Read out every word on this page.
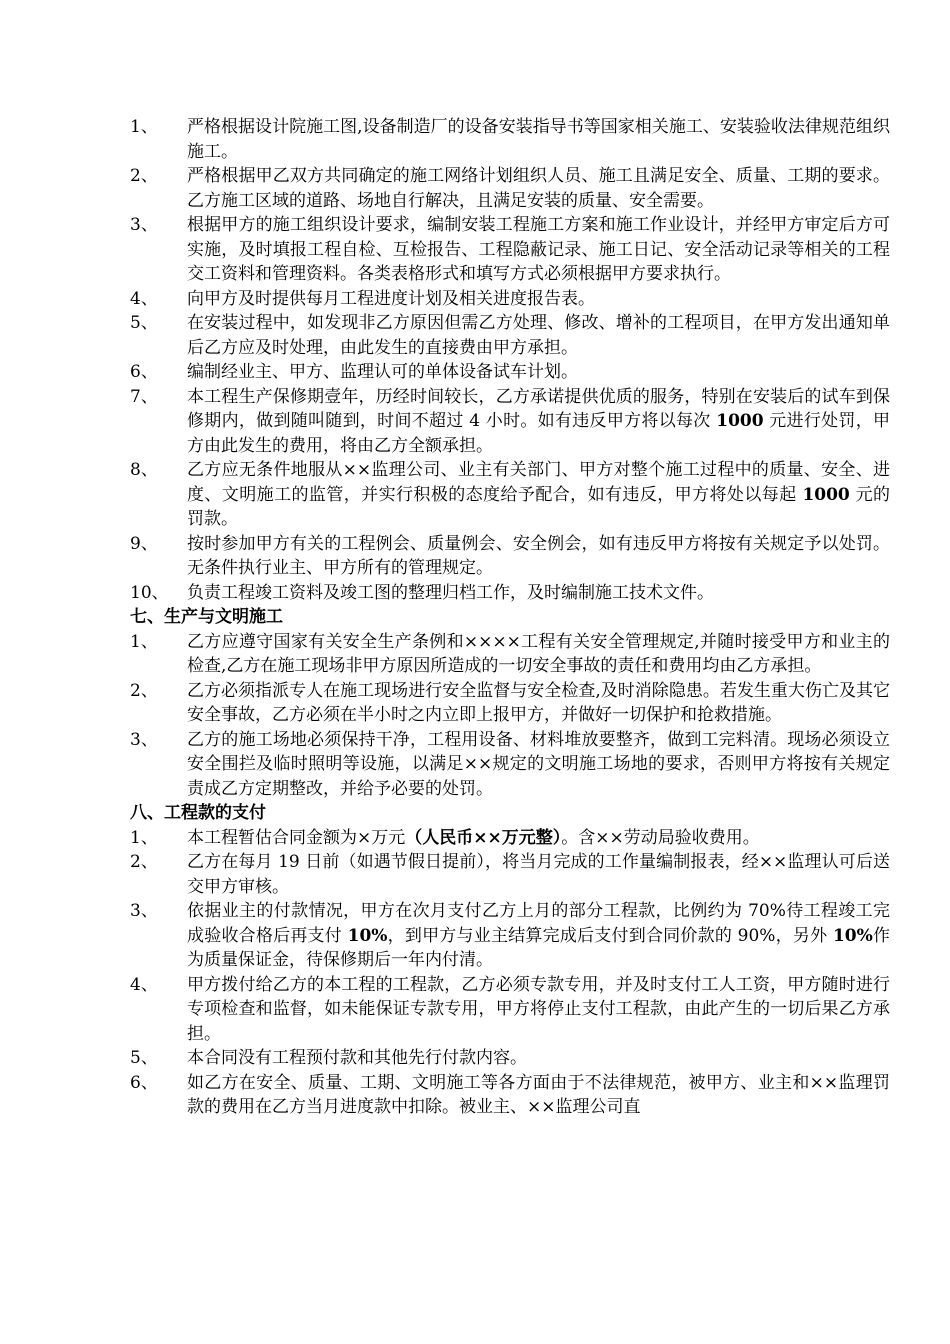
1、	严格根据设计院施工图,设备制造厂的设备安装指导书等国家相关施工、安装验收法律规范组织施工。
2、	严格根据甲乙双方共同确定的施工网络计划组织人员、施工且满足安全、质量、工期的要求。乙方施工区域的道路、场地自行解决，且满足安装的质量、安全需要。
3、	根据甲方的施工组织设计要求，编制安装工程施工方案和施工作业设计，并经甲方审定后方可实施，及时填报工程自检、互检报告、工程隐蔽记录、施工日记、安全活动记录等相关的工程交工资料和管理资料。各类表格形式和填写方式必须根据甲方要求执行。
4、	向甲方及时提供每月工程进度计划及相关进度报告表。
5、	在安装过程中，如发现非乙方原因但需乙方处理、修改、增补的工程项目，在甲方发出通知单后乙方应及时处理，由此发生的直接费由甲方承担。
6、	编制经业主、甲方、监理认可的单体设备试车计划。
7、	本工程生产保修期壹年，历经时间较长，乙方承诺提供优质的服务，特别在安装后的试车到保修期内，做到随叫随到，时间不超过 4 小时。如有违反甲方将以每次 1000 元进行处罚，甲方由此发生的费用，将由乙方全额承担。
8、	乙方应无条件地服从××监理公司、业主有关部门、甲方对整个施工过程中的质量、安全、进度、文明施工的监管，并实行积极的态度给予配合，如有违反，甲方将处以每起 1000 元的罚款。
9、	按时参加甲方有关的工程例会、质量例会、安全例会，如有违反甲方将按有关规定予以处罚。无条件执行业主、甲方所有的管理规定。
10、	负责工程竣工资料及竣工图的整理归档工作，及时编制施工技术文件。
七、生产与文明施工
1、	乙方应遵守国家有关安全生产条例和××××工程有关安全管理规定,并随时接受甲方和业主的检查,乙方在施工现场非甲方原因所造成的一切安全事故的责任和费用均由乙方承担。
2、	乙方必须指派专人在施工现场进行安全监督与安全检查,及时消除隐患。若发生重大伤亡及其它安全事故，乙方必须在半小时之内立即上报甲方，并做好一切保护和抢救措施。
3、	乙方的施工场地必须保持干净，工程用设备、材料堆放要整齐，做到工完料清。现场必须设立安全围拦及临时照明等设施，以满足××规定的文明施工场地的要求，否则甲方将按有关规定责成乙方定期整改，并给予必要的处罚。
八、工程款的支付
1、	本工程暂估合同金额为×万元（人民币××万元整）。含××劳动局验收费用。
2、	乙方在每月 19 日前（如遇节假日提前），将当月完成的工作量编制报表，经××监理认可后送交甲方审核。
3、	依据业主的付款情况，甲方在次月支付乙方上月的部分工程款，比例约为 70%待工程竣工完成验收合格后再支付 10%，到甲方与业主结算完成后支付到合同价款的 90%，另外 10%作为质量保证金，待保修期后一年内付清。
4、	甲方拨付给乙方的本工程的工程款，乙方必须专款专用，并及时支付工人工资，甲方随时进行专项检查和监督，如未能保证专款专用，甲方将停止支付工程款，由此产生的一切后果乙方承担。
5、	本合同没有工程预付款和其他先行付款内容。
6、	如乙方在安全、质量、工期、文明施工等各方面由于不法律规范，被甲方、业主和××监理罚款的费用在乙方当月进度款中扣除。被业主、××监理公司直
